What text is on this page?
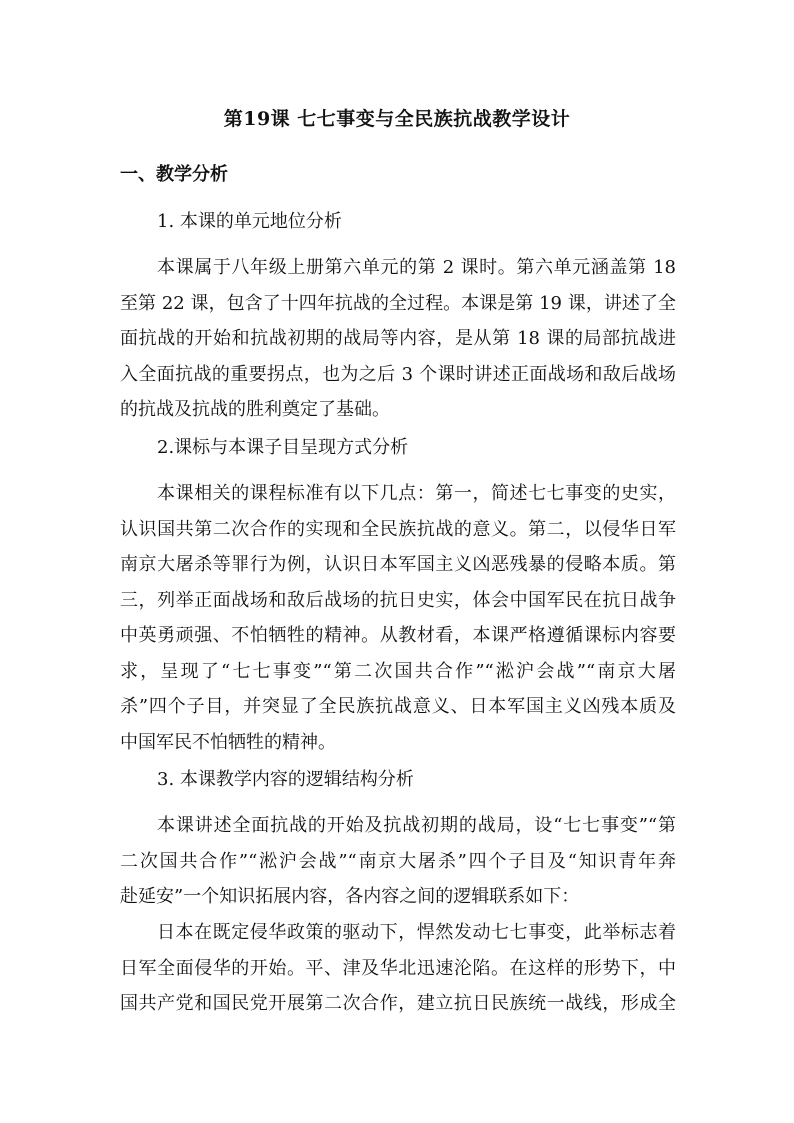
第19课 七七事变与全民族抗战教学设计
一、教学分析
1. 本课的单元地位分析
本课属于八年级上册第六单元的第 2 课时。第六单元涵盖第 18
至第 22 课，包含了十四年抗战的全过程。本课是第 19 课，讲述了全
面抗战的开始和抗战初期的战局等内容，是从第 18 课的局部抗战进
入全面抗战的重要拐点，也为之后 3 个课时讲述正面战场和敌后战场
的抗战及抗战的胜利奠定了基础。
2.课标与本课子目呈现方式分析
本课相关的课程标准有以下几点：第一，简述七七事变的史实，
认识国共第二次合作的实现和全民族抗战的意义。第二，以侵华日军
南京大屠杀等罪行为例，认识日本军国主义凶恶残暴的侵略本质。第
三，列举正面战场和敌后战场的抗日史实，体会中国军民在抗日战争
中英勇顽强、不怕牺牲的精神。从教材看，本课严格遵循课标内容要
求，呈现了“七七事变”“第二次国共合作”“淞沪会战”“南京大屠
杀”四个子目，并突显了全民族抗战意义、日本军国主义凶残本质及
中国军民不怕牺牲的精神。
3. 本课教学内容的逻辑结构分析
本课讲述全面抗战的开始及抗战初期的战局，设“七七事变”“第
二次国共合作”“淞沪会战”“南京大屠杀”四个子目及“知识青年奔
赴延安”一个知识拓展内容，各内容之间的逻辑联系如下：
日本在既定侵华政策的驱动下，悍然发动七七事变，此举标志着
日军全面侵华的开始。平、津及华北迅速沦陷。在这样的形势下，中
国共产党和国民党开展第二次合作，建立抗日民族统一战线，形成全
